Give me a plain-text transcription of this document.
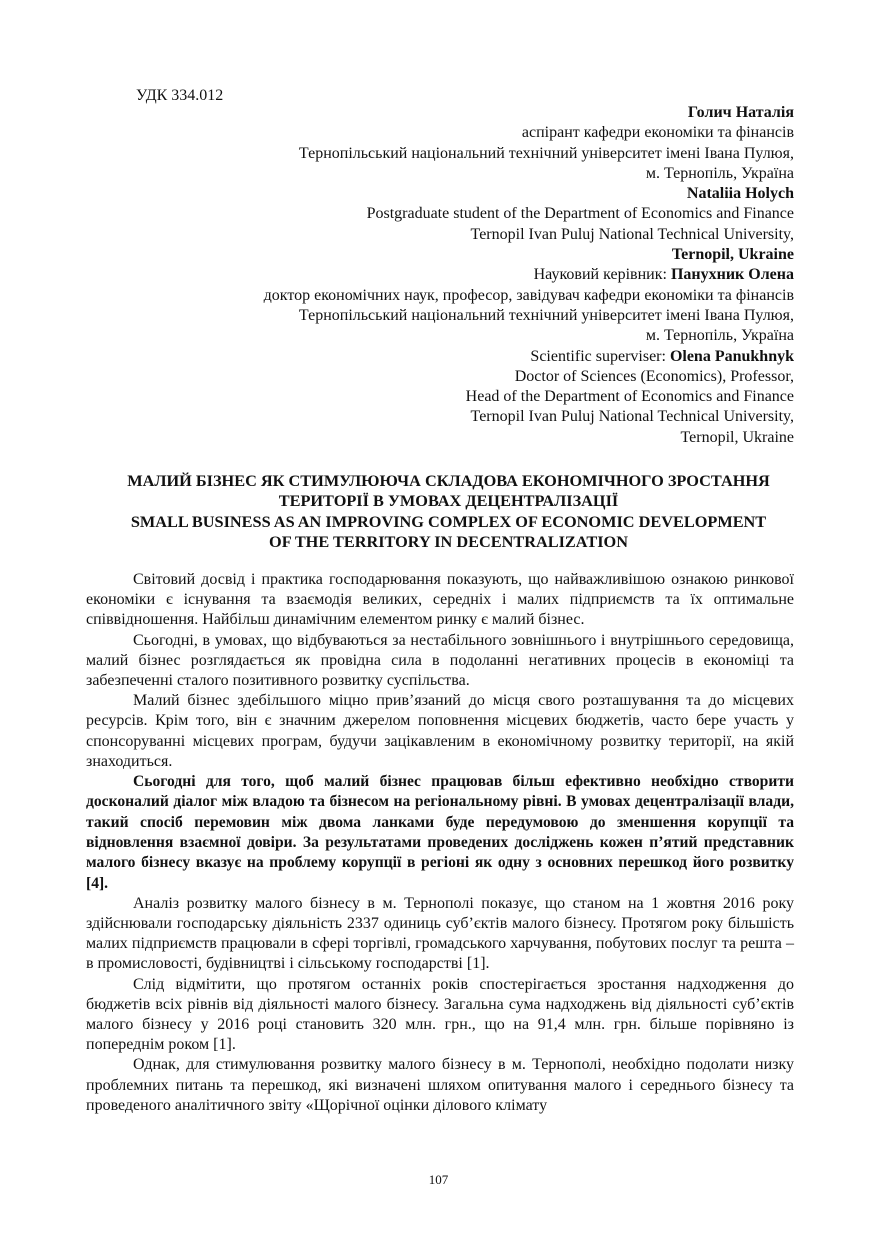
УДК 334.012
Голич Наталія
аспірант кафедри економіки та фінансів
Тернопільський національний технічний університет імені Івана Пулюя,
м. Тернопіль, Україна
Nataliia Holych
Postgraduate student of the Department of Economics and Finance
Ternopil Ivan Puluj National Technical University,
Ternopil, Ukraine
Науковий керівник: Панухник Олена
доктор економічних наук, професор, завідувач кафедри економіки та фінансів
Тернопільський національний технічний університет імені Івана Пулюя,
м. Тернопіль, Україна
Scientific superviser: Olena Panukhnyk
Doctor of Sciences (Economics), Professor,
Head of the Department of Economics and Finance
Ternopil Ivan Puluj National Technical University,
Ternopil, Ukraine
МАЛИЙ БІЗНЕС ЯК СТИМУЛЮЮЧА СКЛАДОВА ЕКОНОМІЧНОГО ЗРОСТАННЯ
ТЕРИТОРІЇ В УМОВАХ ДЕЦЕНТРАЛІЗАЦІЇ
SMALL BUSINESS AS AN IMPROVING COMPLEX OF ECONOMIC DEVELOPMENT
OF THE TERRITORY IN DECENTRALIZATION

Світовий досвід і практика господарювання показують, що найважливішою ознакою ринкової економіки є існування та взаємодія великих, середніх і малих підприємств та їх оптимальне співвідношення. Найбільш динамічним елементом ринку є малий бізнес.

Сьогодні, в умовах, що відбуваються за нестабільного зовнішнього і внутрішнього середовища, малий бізнес розглядається як провідна сила в подоланні негативних процесів в економіці та забезпеченні сталого позитивного розвитку суспільства.

Малий бізнес здебільшого міцно прив’язаний до місця свого розташування та до місцевих ресурсів. Крім того, він є значним джерелом поповнення місцевих бюджетів, часто бере участь у спонсоруванні місцевих програм, будучи зацікавленим в економічному розвитку території, на якій знаходиться.

Сьогодні для того, щоб малий бізнес працював більш ефективно необхідно створити досконалий діалог між владою та бізнесом на регіональному рівні. В умовах децентралізації влади, такий спосіб перемовин між двома ланками буде передумовою до зменшення корупції та відновлення взаємної довіри. За результатами проведених досліджень кожен п’ятий представник малого бізнесу вказує на проблему корупції в регіоні як одну з основних перешкод його розвитку [4].

Аналіз розвитку малого бізнесу в м. Тернополі показує, що станом на 1 жовтня 2016 року здійснювали господарську діяльність 2337 одиниць суб’єктів малого бізнесу. Протягом року більшість малих підприємств працювали в сфері торгівлі, громадського харчування, побутових послуг та решта – в промисловості, будівництві і сільському господарстві [1].

Слід відмітити, що протягом останніх років спостерігається зростання надходження до бюджетів всіх рівнів від діяльності малого бізнесу. Загальна сума надходжень від діяльності суб’єктів малого бізнесу у 2016 році становить 320 млн. грн., що на 91,4 млн. грн. більше порівняно із попереднім роком [1].

Однак, для стимулювання розвитку малого бізнесу в м. Тернополі, необхідно подолати низку проблемних питань та перешкод, які визначені шляхом опитування малого і середнього бізнесу та проведеного аналітичного звіту «Щорічної оцінки ділового клімату

107
